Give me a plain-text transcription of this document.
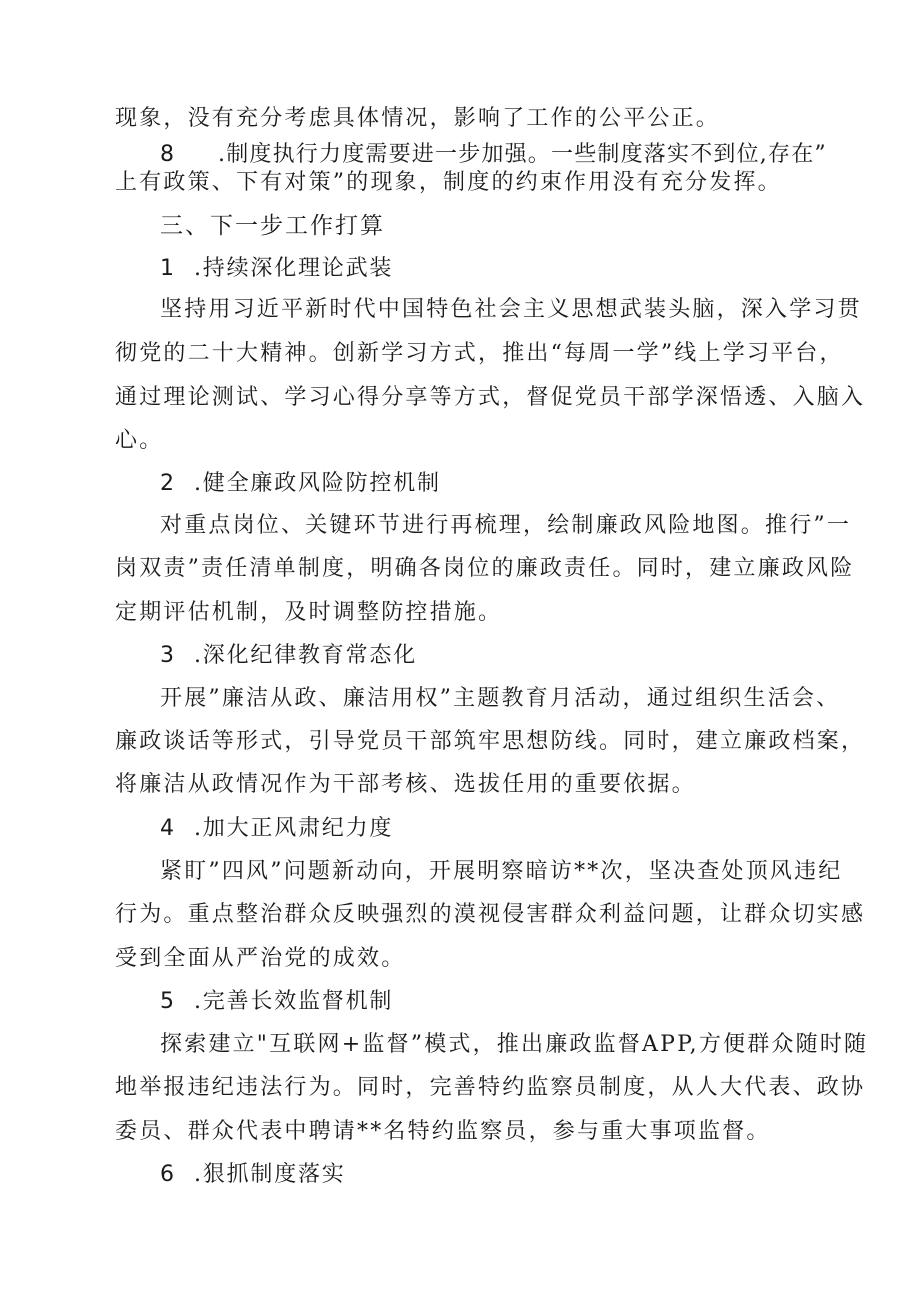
现象，没有充分考虑具体情况，影响了工作的公平公正。
8 .制度执行力度需要进一步加强。一些制度落实不到位,存在”
上有政策、下有对策”的现象，制度的约束作用没有充分发挥。
三、下一步工作打算
1 .持续深化理论武装
坚持用习近平新时代中国特色社会主义思想武装头脑，深入学习贯
彻党的二十大精神。创新学习方式，推出“每周一学”线上学习平台，
通过理论测试、学习心得分享等方式，督促党员干部学深悟透、入脑入
心。
2 .健全廉政风险防控机制
对重点岗位、关键环节进行再梳理，绘制廉政风险地图。推行”一
岗双责”责任清单制度，明确各岗位的廉政责任。同时，建立廉政风险
定期评估机制，及时调整防控措施。
3 .深化纪律教育常态化
开展”廉洁从政、廉洁用权”主题教育月活动，通过组织生活会、
廉政谈话等形式，引导党员干部筑牢思想防线。同时，建立廉政档案，
将廉洁从政情况作为干部考核、选拔任用的重要依据。
4 .加大正风肃纪力度
紧盯”四风”问题新动向，开展明察暗访**次，坚决查处顶风违纪
行为。重点整治群众反映强烈的漠视侵害群众利益问题，让群众切实感
受到全面从严治党的成效。
5 .完善长效监督机制
探索建立"互联网+监督”模式，推出廉政监督APP,方便群众随时随
地举报违纪违法行为。同时，完善特约监察员制度，从人大代表、政协
委员、群众代表中聘请**名特约监察员，参与重大事项监督。
6 .狠抓制度落实
